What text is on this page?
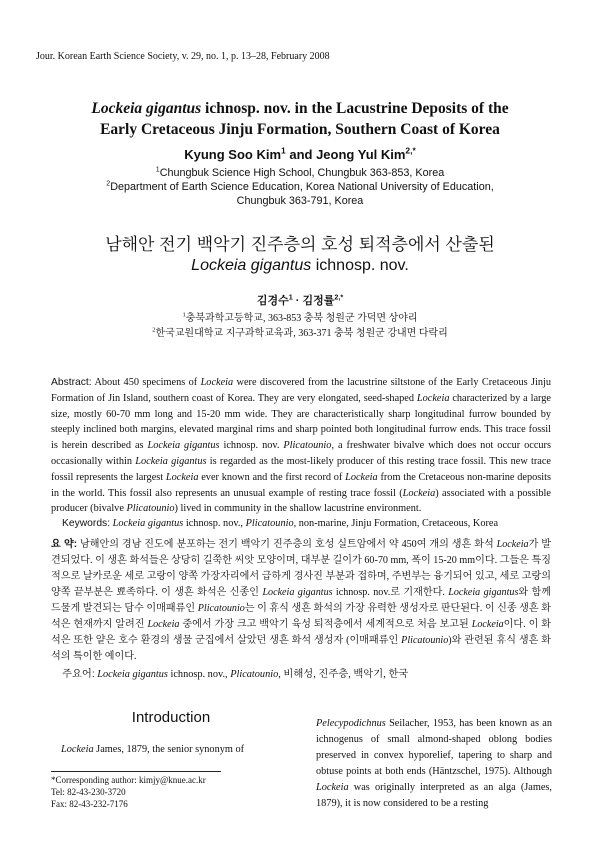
Jour. Korean Earth Science Society, v. 29, no. 1, p. 13–28, February 2008
Lockeia gigantus ichnosp. nov. in the Lacustrine Deposits of the
Early Cretaceous Jinju Formation, Southern Coast of Korea
Kyung Soo Kim$^1$ and Jeong Yul Kim$^{2,*}$
$^1$Chungbuk Science High School, Chungbuk 363-853, Korea
$^2$Department of Earth Science Education, Korea National University of Education,
Chungbuk 363-791, Korea
남해안 전기 백악기 진주층의 호성 퇴적층에서 산출된
Lockeia gigantus ichnosp. nov.
김경수$^1$ · 김정률$^{2,*}$
$^1$충북과학고등학교, 363-853 충북 청원군 가덕면 상야리
$^2$한국교원대학교 지구과학교육과, 363-371 충북 청원군 강내면 다락리
Abstract: About 450 specimens of Lockeia were discovered from the lacustrine siltstone of the Early Cretaceous Jinju Formation of Jin Island, southern coast of Korea. They are very elongated, seed-shaped Lockeia characterized by a large size, mostly 60-70 mm long and 15-20 mm wide. They are characteristically sharp longitudinal furrow bounded by steeply inclined both margins, elevated marginal rims and sharp pointed both longitudinal furrow ends. This trace fossil is herein described as Lockeia gigantus ichnosp. nov. Plicatounio, a freshwater bivalve which does not occur occurs occasionally within Lockeia gigantus is regarded as the most-likely producer of this resting trace fossil. This new trace fossil represents the largest Lockeia ever known and the first record of Lockeia from the Cretaceous non-marine deposits in the world. This fossil also represents an unusual example of resting trace fossil (Lockeia) associated with a possible producer (bivalve Plicatounio) lived in community in the shallow lacustrine environment.
Keywords: Lockeia gigantus ichnosp. nov., Plicatounio, non-marine, Jinju Formation, Cretaceous, Korea
요 약: 남해안의 경남 진도에 분포하는 전기 백악기 진주층의 호성 실트암에서 약 450여 개의 생흔 화석 Lockeia가 발견되었다. 이 생흔 화석들은 상당히 길쭉한 씨앗 모양이며, 대부분 길이가 60-70 mm, 폭이 15-20 mm이다. 그들은 특징적으로 날카로운 세로 고랑이 양쪽 가장자리에서 급하게 경사진 부분과 접하며, 주변부는 융기되어 있고, 세로 고랑의 양쪽 끝부분은 뾰족하다. 이 생흔 화석은 신종인 Lockeia gigantus ichnosp. nov.로 기재한다. Lockeia gigantus와 함께 드물게 발견되는 담수 이매패류인 Plicatounio는 이 휴식 생흔 화석의 가장 유력한 생성자로 판단된다. 이 신종 생흔 화석은 현재까지 알려진 Lockeia 중에서 가장 크고 백악기 육성 퇴적층에서 세계적으로 처음 보고된 Lockeia이다. 이 화석은 또한 얕은 호수 환경의 생물 군집에서 살았던 생흔 화석 생성자 (이매패류인 Plicatounio)와 관련된 휴식 생흔 화석의 특이한 예이다.
주요어: Lockeia gigantus ichnosp. nov., Plicatounio, 비해성, 진주층, 백악기, 한국
Introduction
Lockeia James, 1879, the senior synonym of
*Corresponding author: kimjy@knue.ac.kr
Tel: 82-43-230-3720
Fax: 82-43-232-7176

Pelecypodichnus Seilacher, 1953, has been known as an ichnogenus of small almond-shaped oblong bodies preserved in convex hyporelief, tapering to sharp and obtuse points at both ends (Häntzschel, 1975). Although Lockeia was originally interpreted as an alga (James, 1879), it is now considered to be a resting
